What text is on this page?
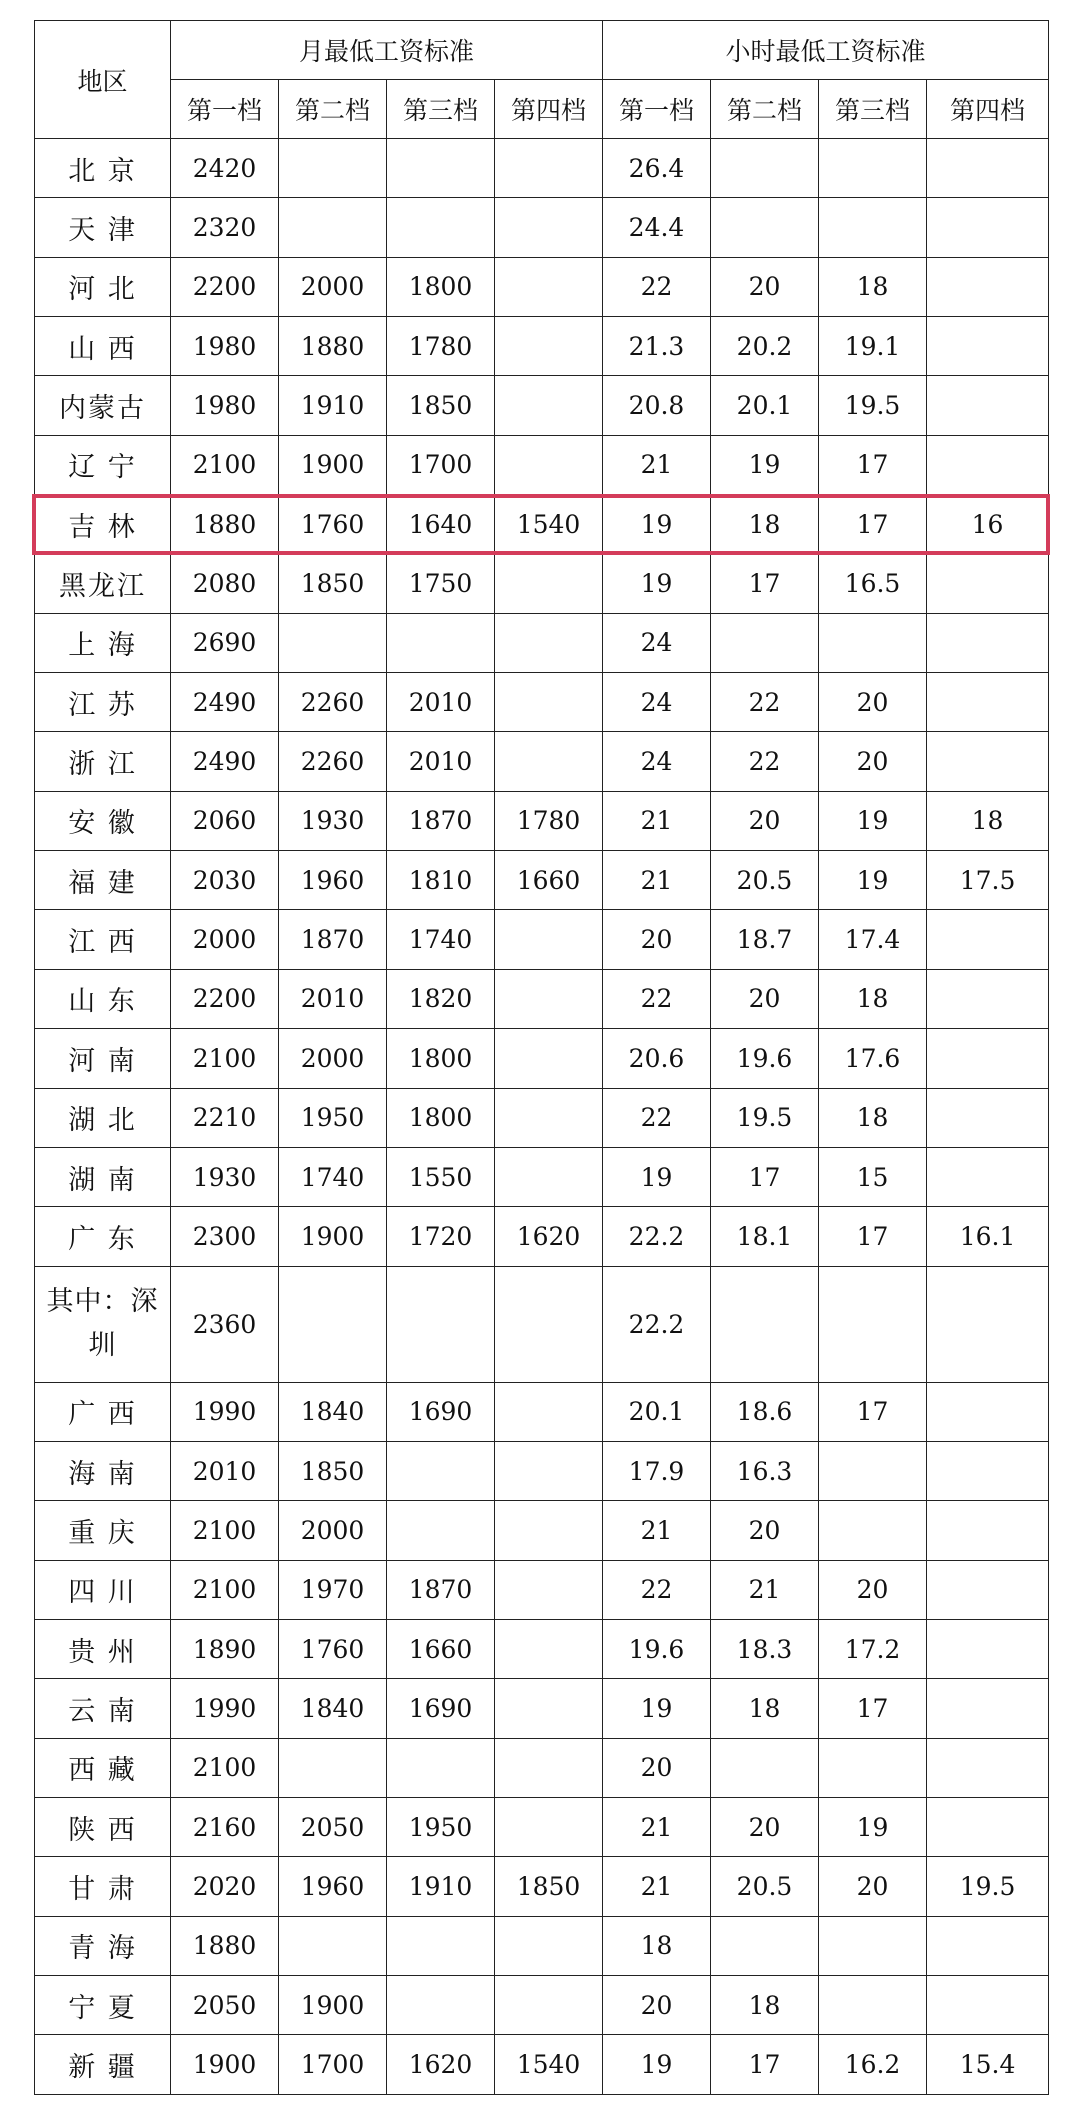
地区	月最低工资标准				小时最低工资标准			
	第一档	第二档	第三档	第四档	第一档	第二档	第三档	第四档
北 京	2420				26.4			
天 津	2320				24.4			
河 北	2200	2000	1800		22	20	18	
山 西	1980	1880	1780		21.3	20.2	19.1	
内蒙古	1980	1910	1850		20.8	20.1	19.5	
辽 宁	2100	1900	1700		21	19	17	
吉 林	1880	1760	1640	1540	19	18	17	16
黑龙江	2080	1850	1750		19	17	16.5	
上 海	2690				24			
江 苏	2490	2260	2010		24	22	20	
浙 江	2490	2260	2010		24	22	20	
安 徽	2060	1930	1870	1780	21	20	19	18
福 建	2030	1960	1810	1660	21	20.5	19	17.5
江 西	2000	1870	1740		20	18.7	17.4	
山 东	2200	2010	1820		22	20	18	
河 南	2100	2000	1800		20.6	19.6	17.6	
湖 北	2210	1950	1800		22	19.5	18	
湖 南	1930	1740	1550		19	17	15	
广 东	2300	1900	1720	1620	22.2	18.1	17	16.1
其中：深圳	2360				22.2			
广 西	1990	1840	1690		20.1	18.6	17	
海 南	2010	1850			17.9	16.3		
重 庆	2100	2000			21	20		
四 川	2100	1970	1870		22	21	20	
贵 州	1890	1760	1660		19.6	18.3	17.2	
云 南	1990	1840	1690		19	18	17	
西 藏	2100				20			
陕 西	2160	2050	1950		21	20	19	
甘 肃	2020	1960	1910	1850	21	20.5	20	19.5
青 海	1880				18			
宁 夏	2050	1900			20	18		
新 疆	1900	1700	1620	1540	19	17	16.2	15.4
